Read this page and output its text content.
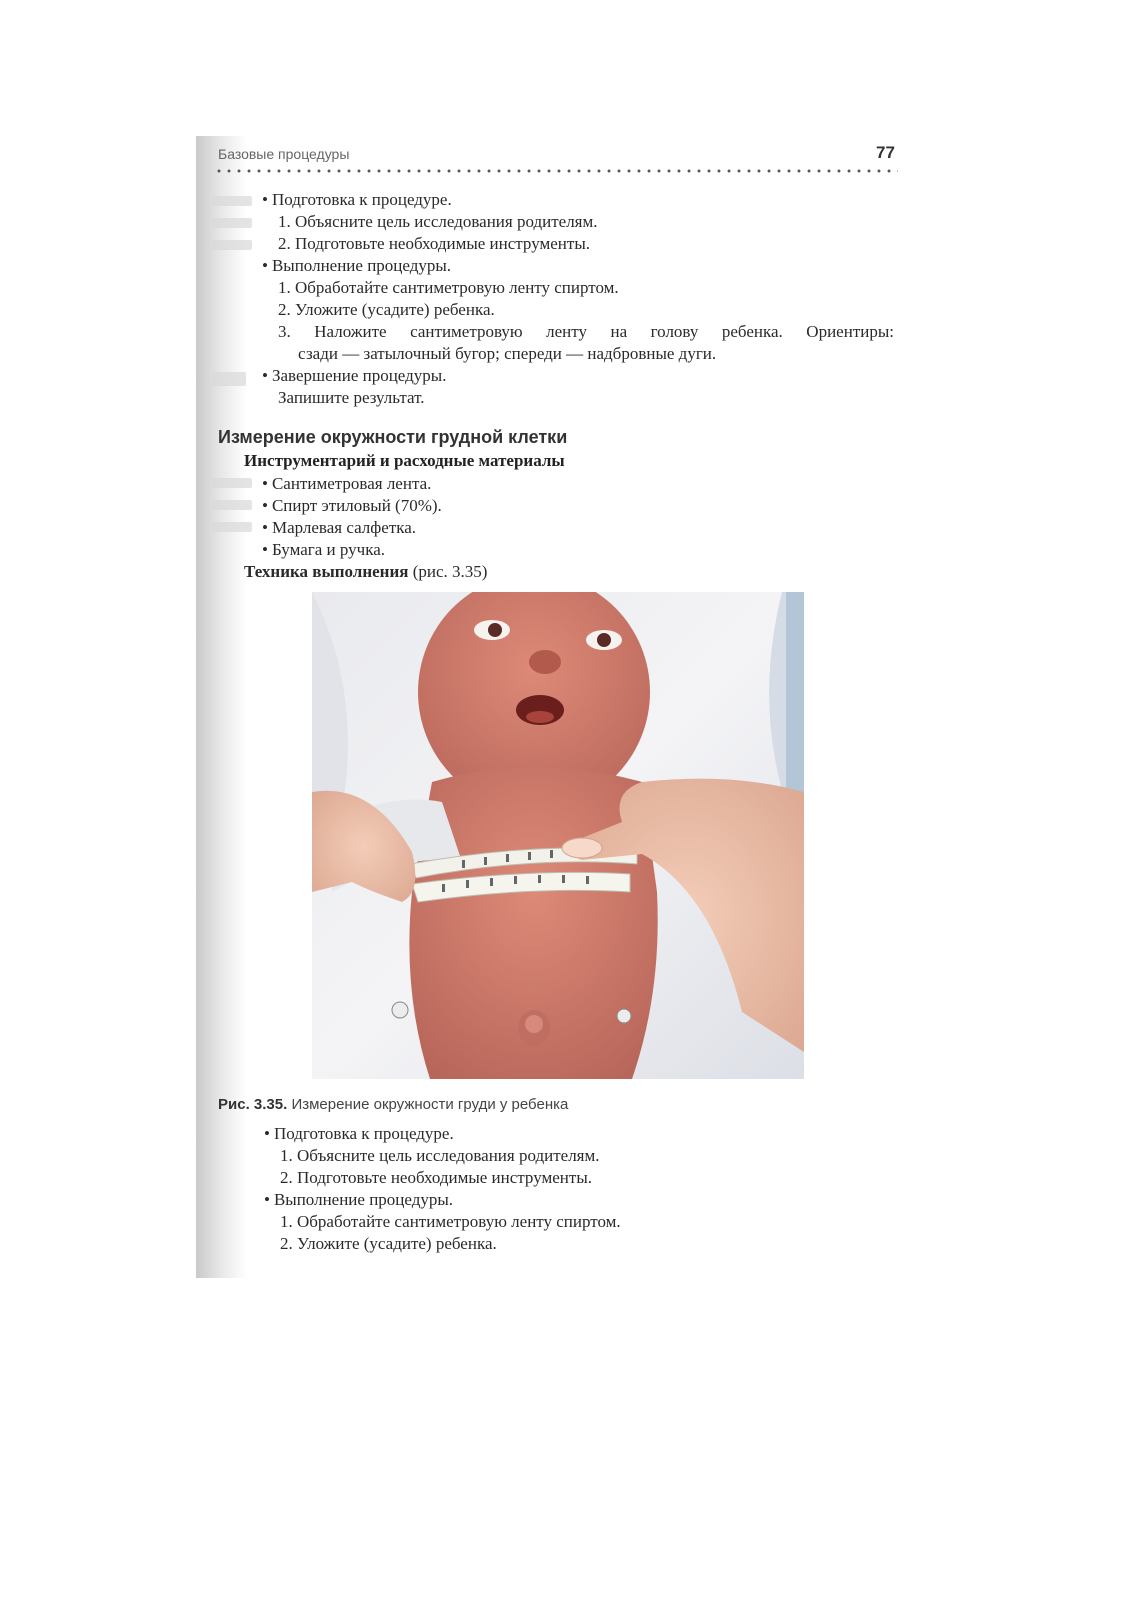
Базовые процедуры	77
• Подготовка к процедуре.
1. Объясните цель исследования родителям.
2. Подготовьте необходимые инструменты.
• Выполнение процедуры.
1. Обработайте сантиметровую ленту спиртом.
2. Уложите (усадите) ребенка.
3. Наложите сантиметровую ленту на голову ребенка. Ориентиры:
сзади — затылочный бугор; спереди — надбровные дуги.
• Завершение процедуры.
Запишите результат.
Измерение окружности грудной клетки
Инструментарий и расходные материалы
• Сантиметровая лента.
• Спирт этиловый (70%).
• Марлевая салфетка.
• Бумага и ручка.
Техника выполнения (рис. 3.35)
Рис. 3.35. Измерение окружности груди у ребенка
• Подготовка к процедуре.
1. Объясните цель исследования родителям.
2. Подготовьте необходимые инструменты.
• Выполнение процедуры.
1. Обработайте сантиметровую ленту спиртом.
2. Уложите (усадите) ребенка.
